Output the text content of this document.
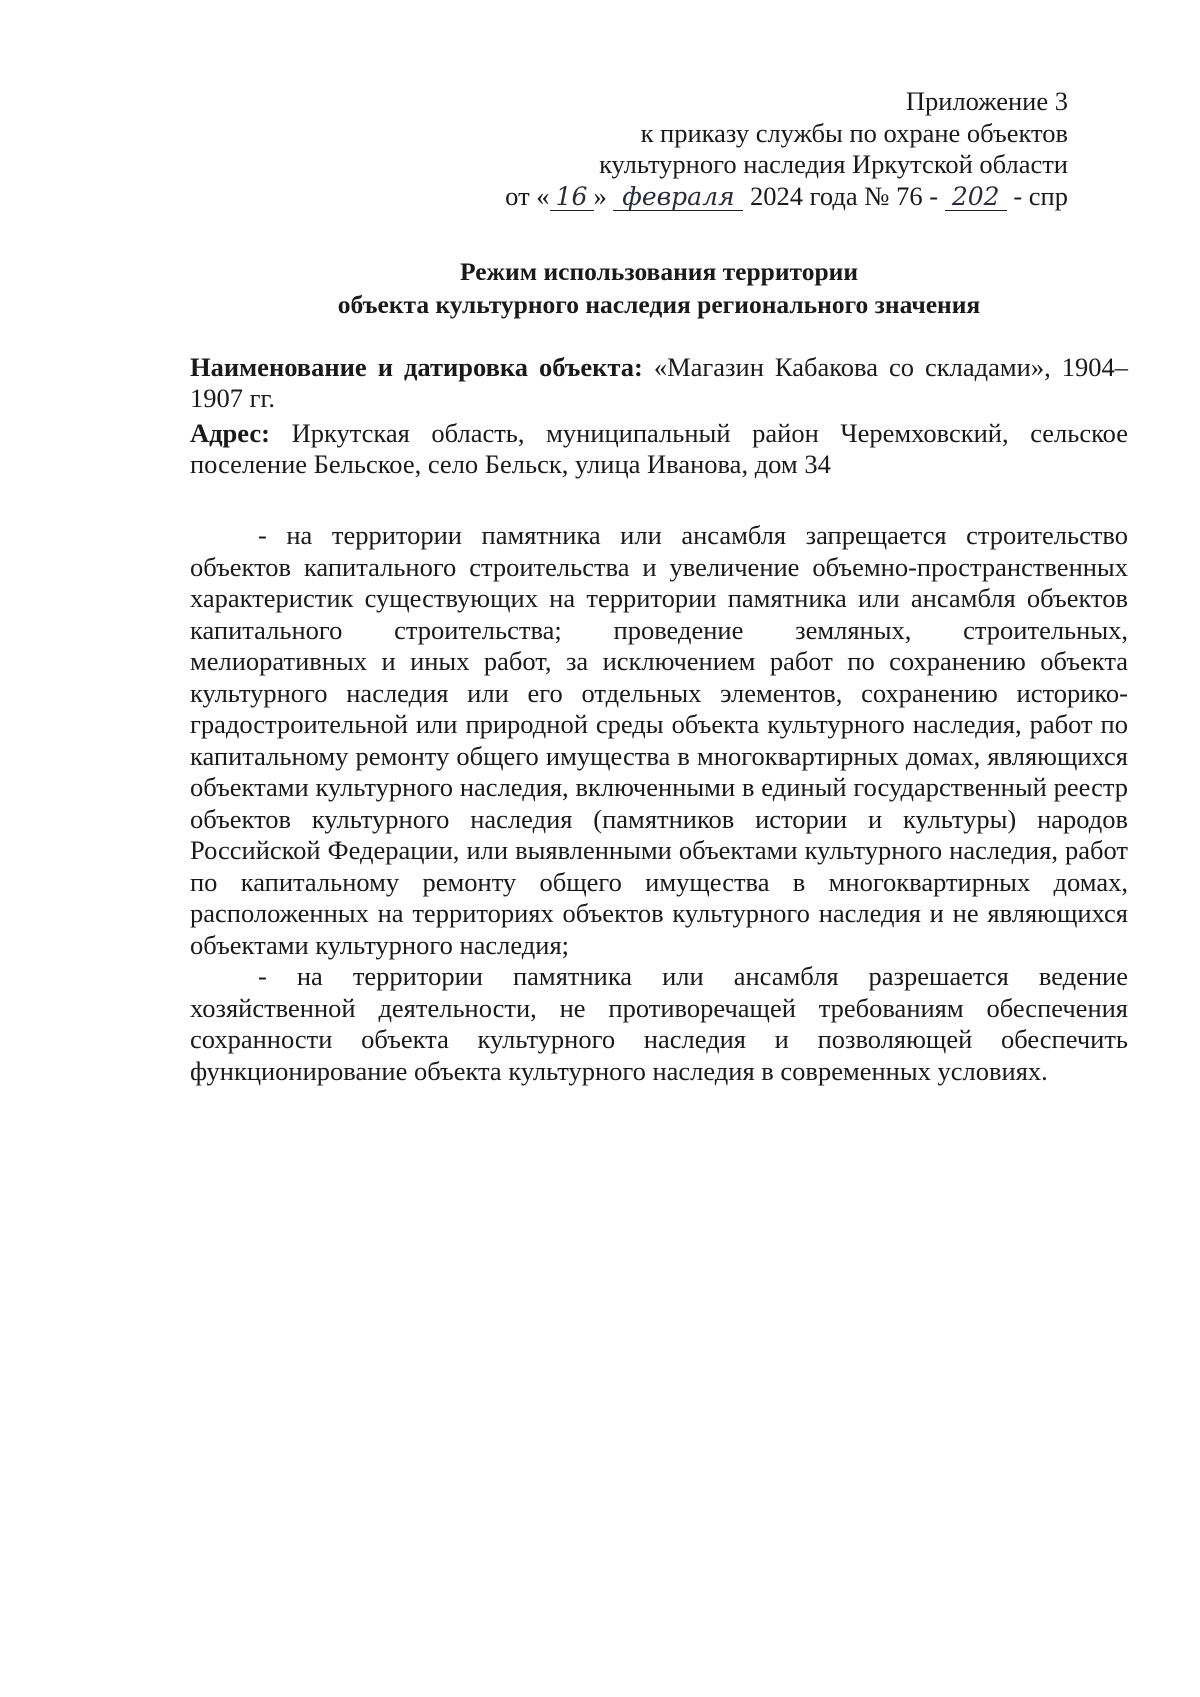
Приложение 3
к приказу службы по охране объектов
культурного наследия Иркутской области
от « 16 » февраля 2024 года № 76 - 202 - спр
Режим использования территории
объекта культурного наследия регионального значения
Наименование и датировка объекта: «Магазин Кабакова со складами», 1904–1907 гг.
Адрес: Иркутская область, муниципальный район Черемховский, сельское поселение Бельское, село Бельск, улица Иванова, дом 34

- на территории памятника или ансамбля запрещается строительство объектов капитального строительства и увеличение объемно-пространственных характеристик существующих на территории памятника или ансамбля объектов капитального строительства; проведение земляных, строительных, мелиоративных и иных работ, за исключением работ по сохранению объекта культурного наследия или его отдельных элементов, сохранению историко-градостроительной или природной среды объекта культурного наследия, работ по капитальному ремонту общего имущества в многоквартирных домах, являющихся объектами культурного наследия, включенными в единый государственный реестр объектов культурного наследия (памятников истории и культуры) народов Российской Федерации, или выявленными объектами культурного наследия, работ по капитальному ремонту общего имущества в многоквартирных домах, расположенных на территориях объектов культурного наследия и не являющихся объектами культурного наследия;

- на территории памятника или ансамбля разрешается ведение хозяйственной деятельности, не противоречащей требованиям обеспечения сохранности объекта культурного наследия и позволяющей обеспечить функционирование объекта культурного наследия в современных условиях.
